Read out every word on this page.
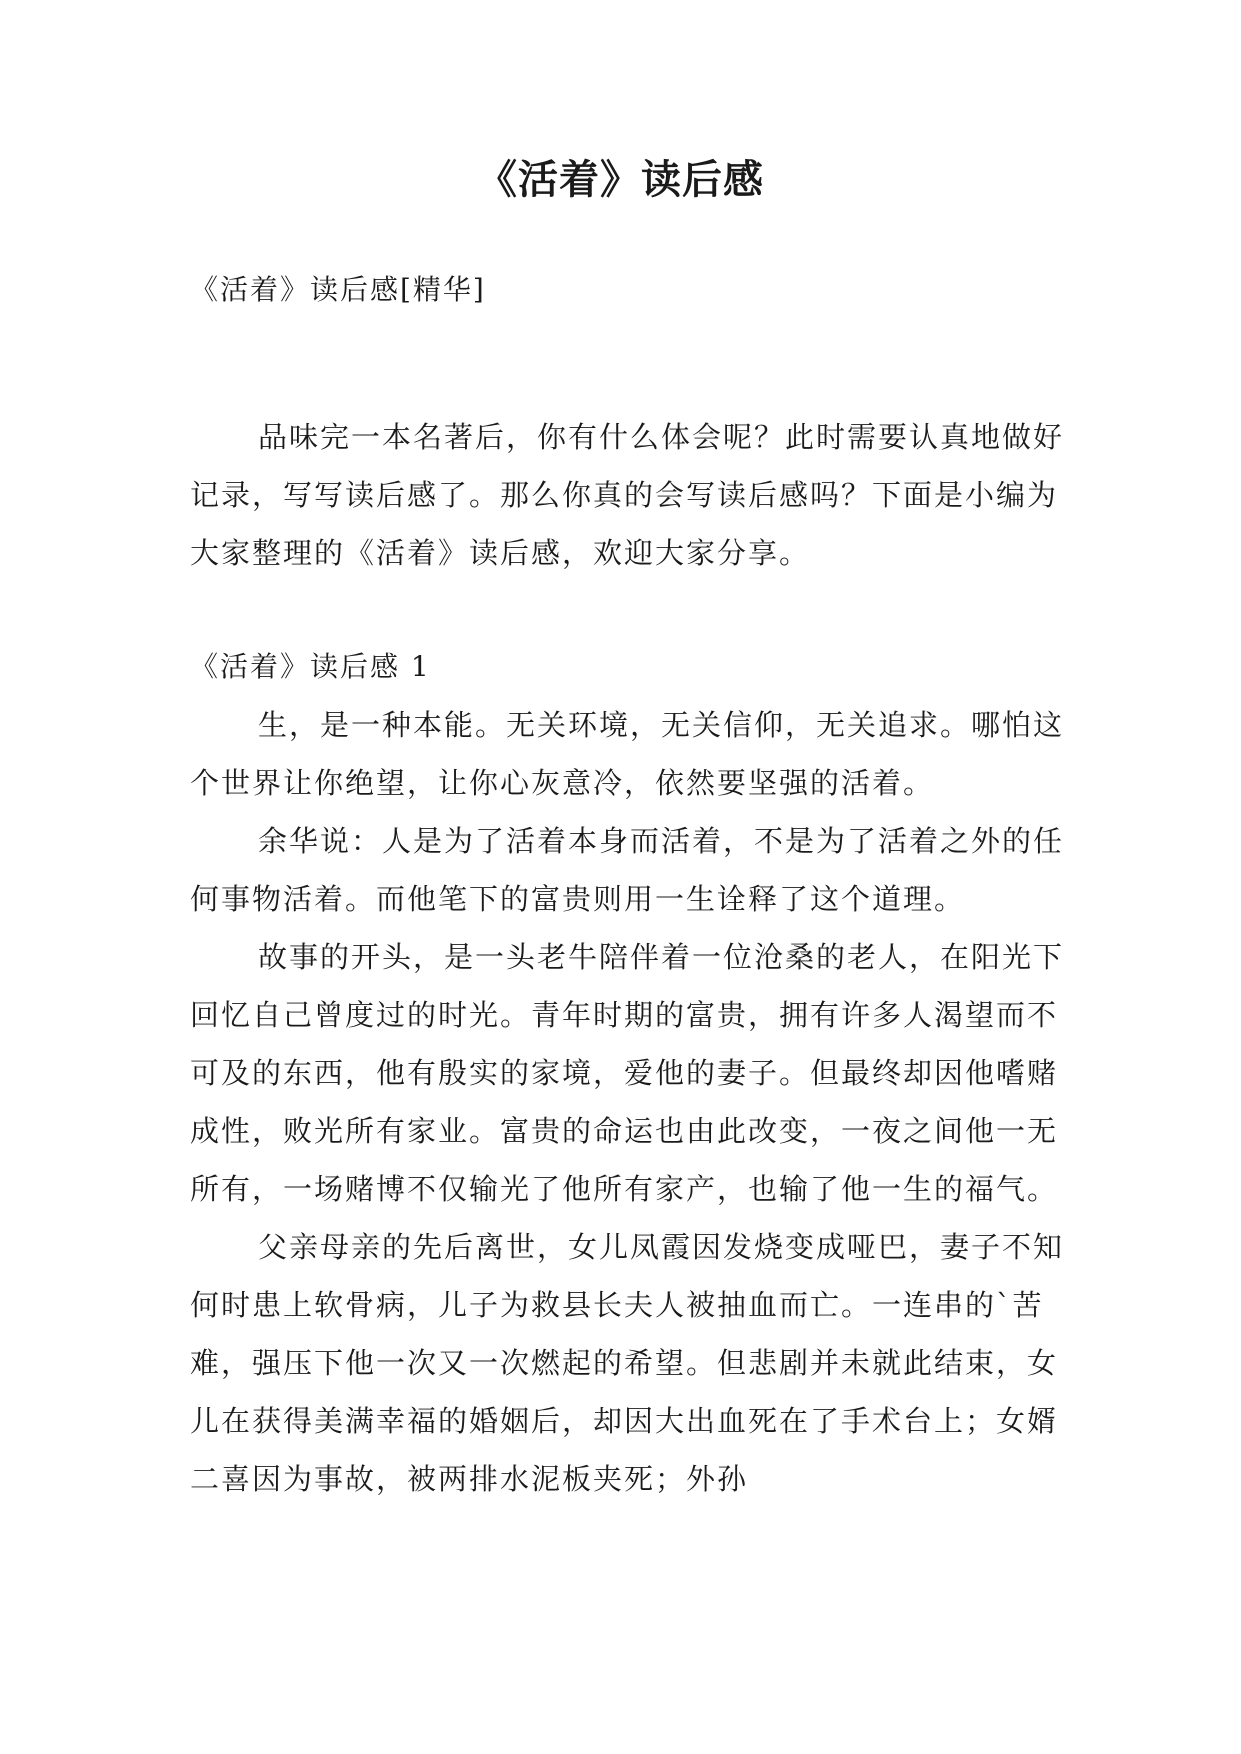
《活着》读后感

《活着》读后感[精华]

品味完一本名著后，你有什么体会呢？此时需要认真地做好记录，写写读后感了。那么你真的会写读后感吗？下面是小编为大家整理的《活着》读后感，欢迎大家分享。

《活着》读后感 1

生，是一种本能。无关环境，无关信仰，无关追求。哪怕这个世界让你绝望，让你心灰意冷，依然要坚强的活着。

余华说：人是为了活着本身而活着，不是为了活着之外的任何事物活着。而他笔下的富贵则用一生诠释了这个道理。

故事的开头，是一头老牛陪伴着一位沧桑的老人，在阳光下回忆自己曾度过的时光。青年时期的富贵，拥有许多人渴望而不可及的东西，他有殷实的家境，爱他的妻子。但最终却因他嗜赌成性，败光所有家业。富贵的命运也由此改变，一夜之间他一无所有，一场赌博不仅输光了他所有家产，也输了他一生的福气。

父亲母亲的先后离世，女儿凤霞因发烧变成哑巴，妻子不知何时患上软骨病，儿子为救县长夫人被抽血而亡。一连串的`苦难，强压下他一次又一次燃起的希望。但悲剧并未就此结束，女儿在获得美满幸福的婚姻后，却因大出血死在了手术台上；女婿二喜因为事故，被两排水泥板夹死；外孙
